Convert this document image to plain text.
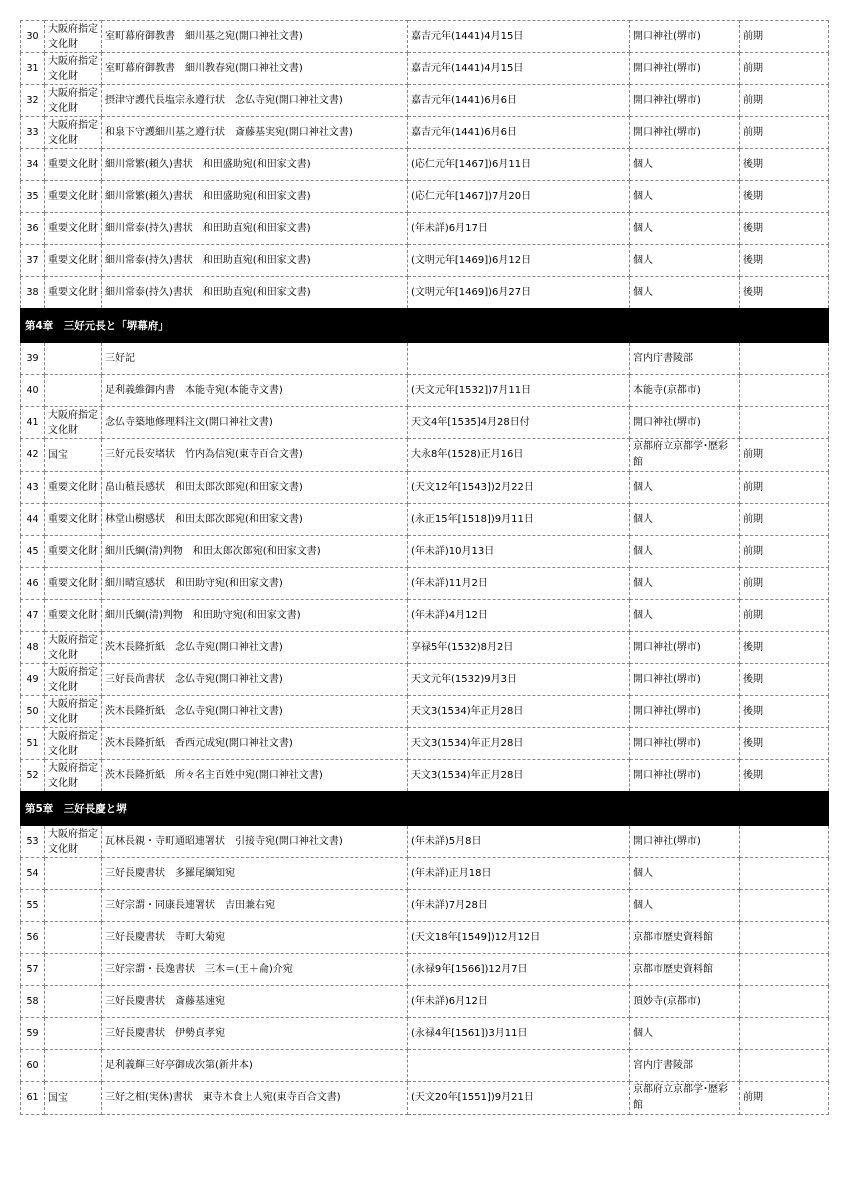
30	大阪府指定文化財	室町幕府御教書　細川基之宛(開口神社文書)	嘉吉元年(1441)4月15日	開口神社(堺市)	前期
31	大阪府指定文化財	室町幕府御教書　細川教春宛(開口神社文書)	嘉吉元年(1441)4月15日	開口神社(堺市)	前期
32	大阪府指定文化財	摂津守護代長塩宗永遵行状　念仏寺宛(開口神社文書)	嘉吉元年(1441)6月6日	開口神社(堺市)	前期
33	大阪府指定文化財	和泉下守護細川基之遵行状　斎藤基実宛(開口神社文書)	嘉吉元年(1441)6月6日	開口神社(堺市)	前期
34	重要文化財	細川常繁(頼久)書状　和田盛助宛(和田家文書)	(応仁元年[1467])6月11日	個人	後期
35	重要文化財	細川常繁(頼久)書状　和田盛助宛(和田家文書)	(応仁元年[1467])7月20日	個人	後期
36	重要文化財	細川常泰(持久)書状　和田助直宛(和田家文書)	(年未詳)6月17日	個人	後期
37	重要文化財	細川常泰(持久)書状　和田助直宛(和田家文書)	(文明元年[1469])6月12日	個人	後期
38	重要文化財	細川常泰(持久)書状　和田助直宛(和田家文書)	(文明元年[1469])6月27日	個人	後期
第4章　三好元長と「堺幕府」					
39		三好記		宮内庁書陵部	
40		足利義維御内書　本能寺宛(本能寺文書)	(天文元年[1532])7月11日	本能寺(京都市)	
41	大阪府指定文化財	念仏寺築地修理料注文(開口神社文書)	天文4年[1535]4月28日付	開口神社(堺市)	
42	国宝	三好元長安堵状　竹内為信宛(東寺百合文書)	大永8年(1528)正月16日	京都府立京都学･歴彩館	前期
43	重要文化財	畠山稙長感状　和田太郎次郎宛(和田家文書)	(天文12年[1543])2月22日	個人	前期
44	重要文化財	林堂山樹感状　和田太郎次郎宛(和田家文書)	(永正15年[1518])9月11日	個人	前期
45	重要文化財	細川氏綱(清)判物　和田太郎次郎宛(和田家文書)	(年未詳)10月13日	個人	前期
46	重要文化財	細川晴宣感状　和田助守宛(和田家文書)	(年未詳)11月2日	個人	前期
47	重要文化財	細川氏綱(清)判物　和田助守宛(和田家文書)	(年未詳)4月12日	個人	前期
48	大阪府指定文化財	茨木長隆折紙　念仏寺宛(開口神社文書)	享禄5年(1532)8月2日	開口神社(堺市)	後期
49	大阪府指定文化財	三好長尚書状　念仏寺宛(開口神社文書)	天文元年(1532)9月3日	開口神社(堺市)	後期
50	大阪府指定文化財	茨木長隆折紙　念仏寺宛(開口神社文書)	天文3(1534)年正月28日	開口神社(堺市)	後期
51	大阪府指定文化財	茨木長隆折紙　香西元成宛(開口神社文書)	天文3(1534)年正月28日	開口神社(堺市)	後期
52	大阪府指定文化財	茨木長隆折紙　所々名主百姓中宛(開口神社文書)	天文3(1534)年正月28日	開口神社(堺市)	後期
第5章　三好長慶と堺					
53	大阪府指定文化財	瓦林長親・寺町通昭連署状　引接寺宛(開口神社文書)	(年未詳)5月8日	開口神社(堺市)	
54		三好長慶書状　多羅尾綱知宛	(年未詳)正月18日	個人	
55		三好宗謂・同康長連署状　吉田兼右宛	(年未詳)7月28日	個人	
56		三好長慶書状　寺町大菊宛	(天文18年[1549])12月12日	京都市歴史資料館	
57		三好宗謂・長逸書状　三木＝(王＋侖)介宛	(永禄9年[1566])12月7日	京都市歴史資料館	
58		三好長慶書状　斎藤基速宛	(年未詳)6月12日	頂妙寺(京都市)	
59		三好長慶書状　伊勢貞孝宛	(永禄4年[1561])3月11日	個人	
60		足利義輝三好亭御成次第(新井本)		宮内庁書陵部	
61	国宝	三好之相(実休)書状　東寺木食上人宛(東寺百合文書)	(天文20年[1551])9月21日	京都府立京都学･歴彩館	前期
